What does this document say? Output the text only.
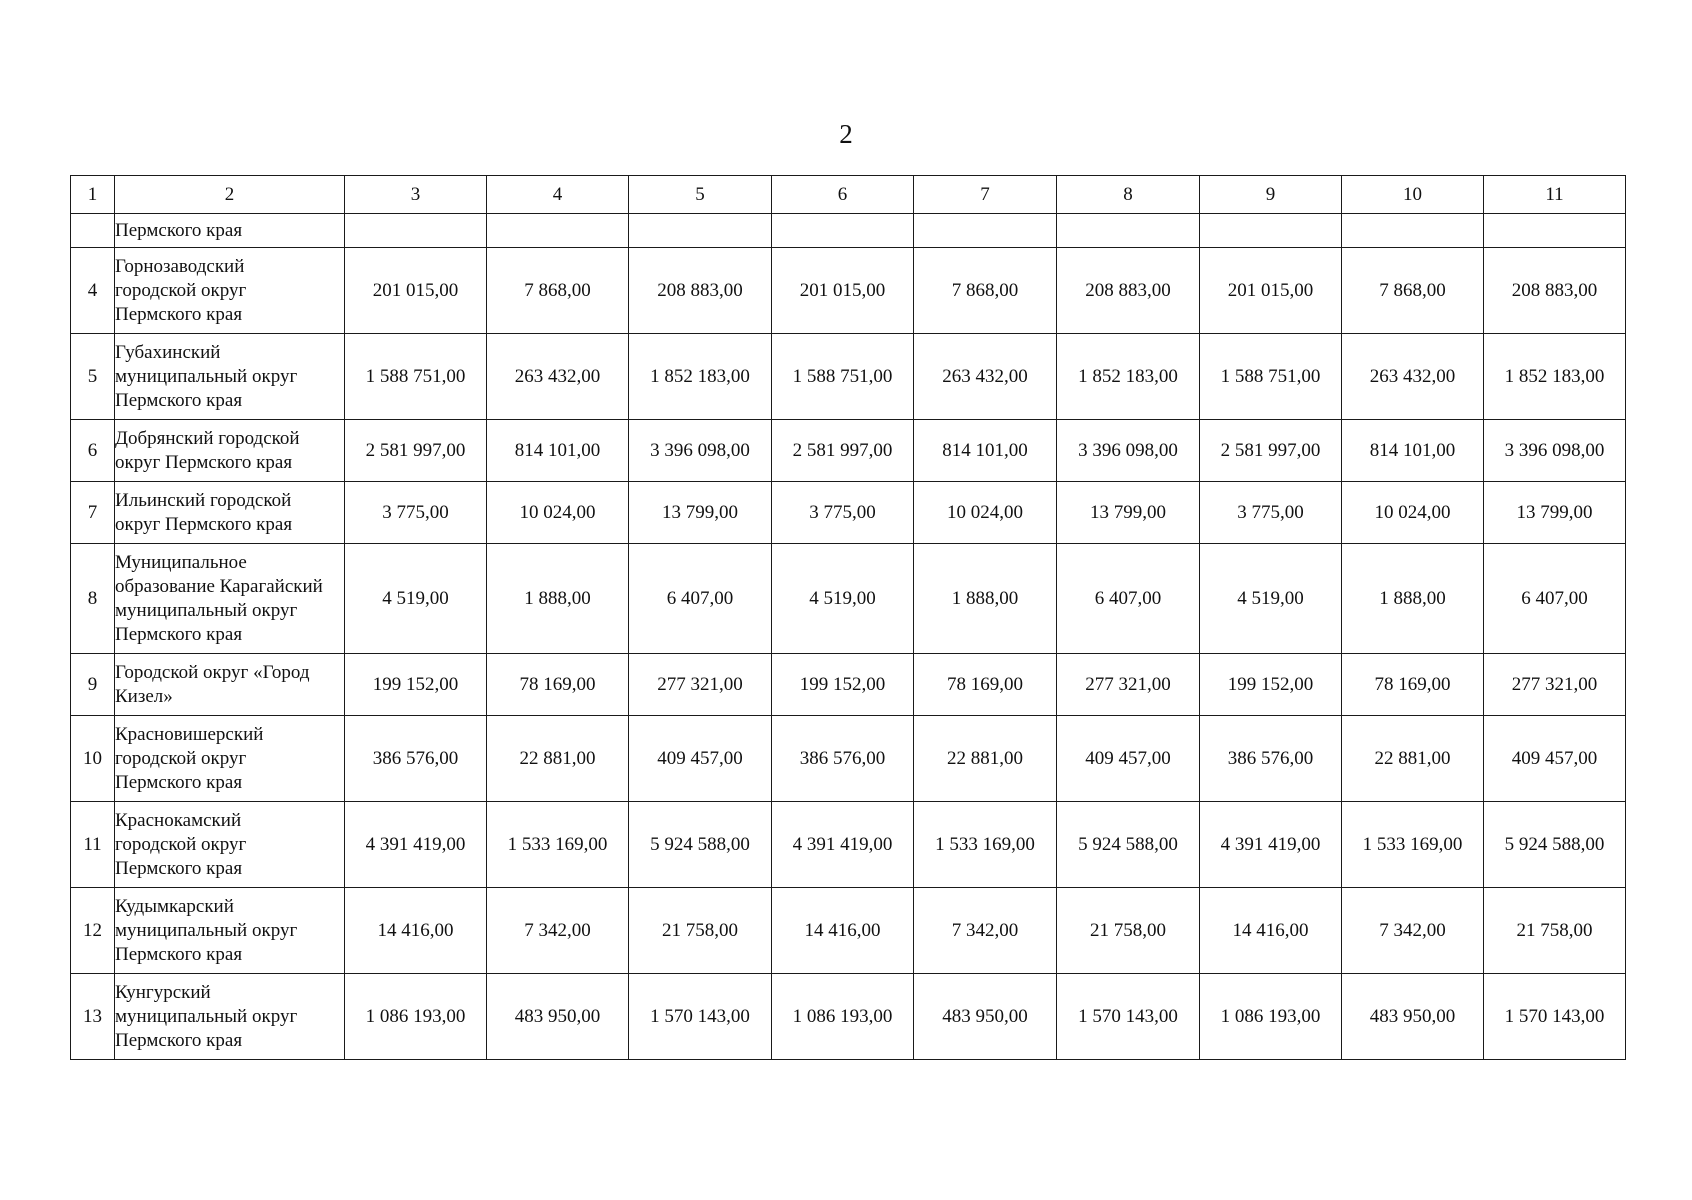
2
1	2	3	4	5	6	7	8	9	10	11
	Пермского края									
4	Горнозаводский
городской округ
Пермского края	201 015,00	7 868,00	208 883,00	201 015,00	7 868,00	208 883,00	201 015,00	7 868,00	208 883,00
5	Губахинский
муниципальный округ
Пермского края	1 588 751,00	263 432,00	1 852 183,00	1 588 751,00	263 432,00	1 852 183,00	1 588 751,00	263 432,00	1 852 183,00
6	Добрянский городской
округ Пермского края	2 581 997,00	814 101,00	3 396 098,00	2 581 997,00	814 101,00	3 396 098,00	2 581 997,00	814 101,00	3 396 098,00
7	Ильинский городской
округ Пермского края	3 775,00	10 024,00	13 799,00	3 775,00	10 024,00	13 799,00	3 775,00	10 024,00	13 799,00
8	Муниципальное
образование Карагайский
муниципальный округ
Пермского края	4 519,00	1 888,00	6 407,00	4 519,00	1 888,00	6 407,00	4 519,00	1 888,00	6 407,00
9	Городской округ «Город
Кизел»	199 152,00	78 169,00	277 321,00	199 152,00	78 169,00	277 321,00	199 152,00	78 169,00	277 321,00
10	Красновишерский
городской округ
Пермского края	386 576,00	22 881,00	409 457,00	386 576,00	22 881,00	409 457,00	386 576,00	22 881,00	409 457,00
11	Краснокамский
городской округ
Пермского края	4 391 419,00	1 533 169,00	5 924 588,00	4 391 419,00	1 533 169,00	5 924 588,00	4 391 419,00	1 533 169,00	5 924 588,00
12	Кудымкарский
муниципальный округ
Пермского края	14 416,00	7 342,00	21 758,00	14 416,00	7 342,00	21 758,00	14 416,00	7 342,00	21 758,00
13	Кунгурский
муниципальный округ
Пермского края	1 086 193,00	483 950,00	1 570 143,00	1 086 193,00	483 950,00	1 570 143,00	1 086 193,00	483 950,00	1 570 143,00
